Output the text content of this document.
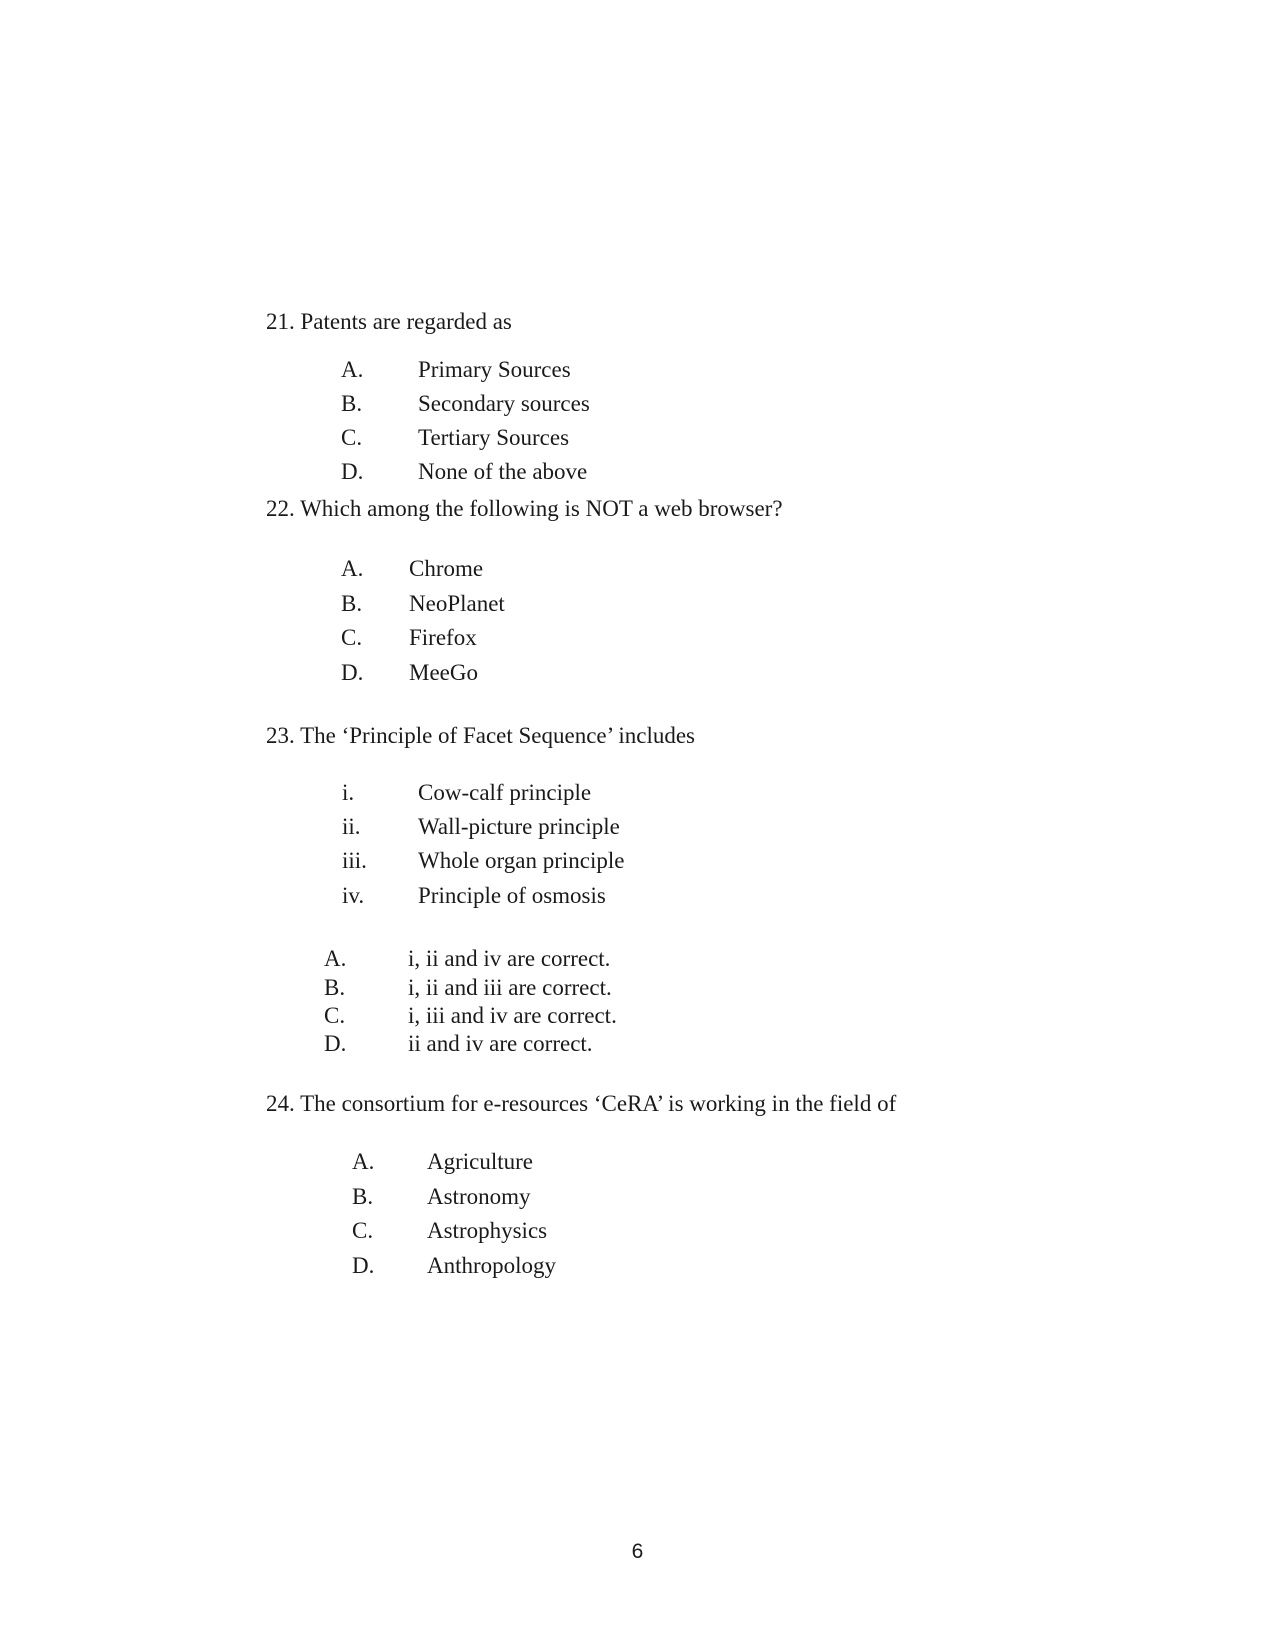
21. Patents are regarded as
A. Primary Sources
B. Secondary sources
C. Tertiary Sources
D. None of the above
22. Which among the following is NOT a web browser?
A. Chrome
B. NeoPlanet
C. Firefox
D. MeeGo
23. The ‘Principle of Facet Sequence’ includes
i.	Cow-calf principle
ii. Wall-picture principle
iii. Whole organ principle
iv. Principle of osmosis
A.	i, ii and iv are correct.
B.	i, ii and iii are correct.
C.	i, iii and iv are correct.
D.	ii and iv are correct.
24. The consortium for e-resources ‘CeRA’ is working in the field of
A. Agriculture
B. Astronomy
C. Astrophysics
D. Anthropology
6
